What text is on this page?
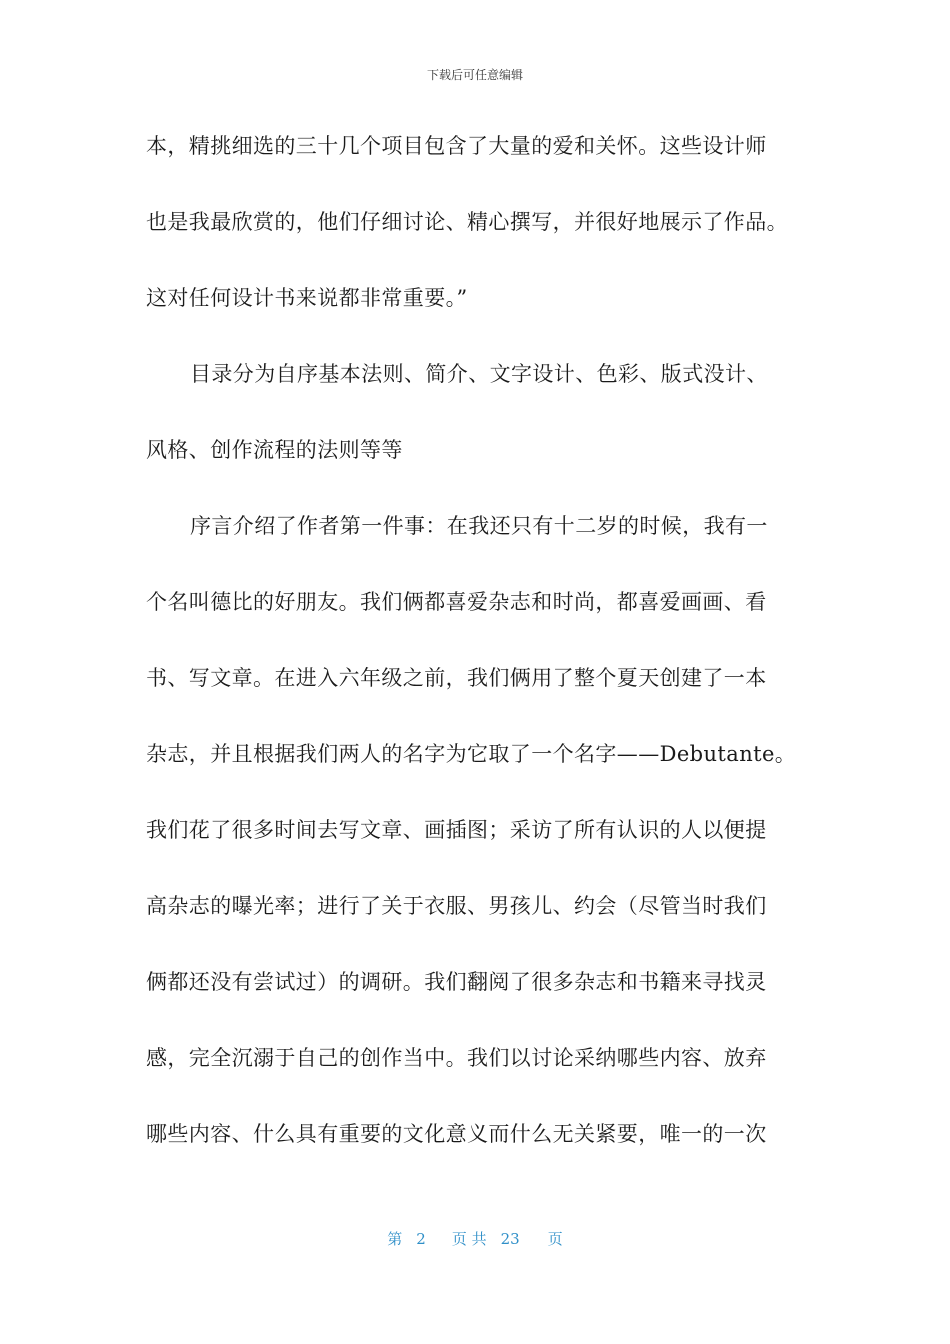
下载后可任意编辑
本，精挑细选的三十几个项目包含了大量的爱和关怀。这些设计师
也是我最欣赏的，他们仔细讨论、精心撰写，并很好地展示了作品。
这对任何设计书来说都非常重要。”
目录分为自序基本法则、简介、文字设计、色彩、版式没计、
风格、创作流程的法则等等
序言介绍了作者第一件事：在我还只有十二岁的时候，我有一
个名叫德比的好朋友。我们俩都喜爱杂志和时尚，都喜爱画画、看
书、写文章。在进入六年级之前，我们俩用了整个夏天创建了一本
杂志，并且根据我们两人的名字为它取了一个名字——Debutante。
我们花了很多时间去写文章、画插图；采访了所有认识的人以便提
高杂志的曝光率；进行了关于衣服、男孩儿、约会（尽管当时我们
俩都还没有尝试过）的调研。我们翻阅了很多杂志和书籍来寻找灵
感，完全沉溺于自己的创作当中。我们以讨论采纳哪些内容、放弃
哪些内容、什么具有重要的文化意义而什么无关紧要，唯一的一次
第 2 页 共 23 页
